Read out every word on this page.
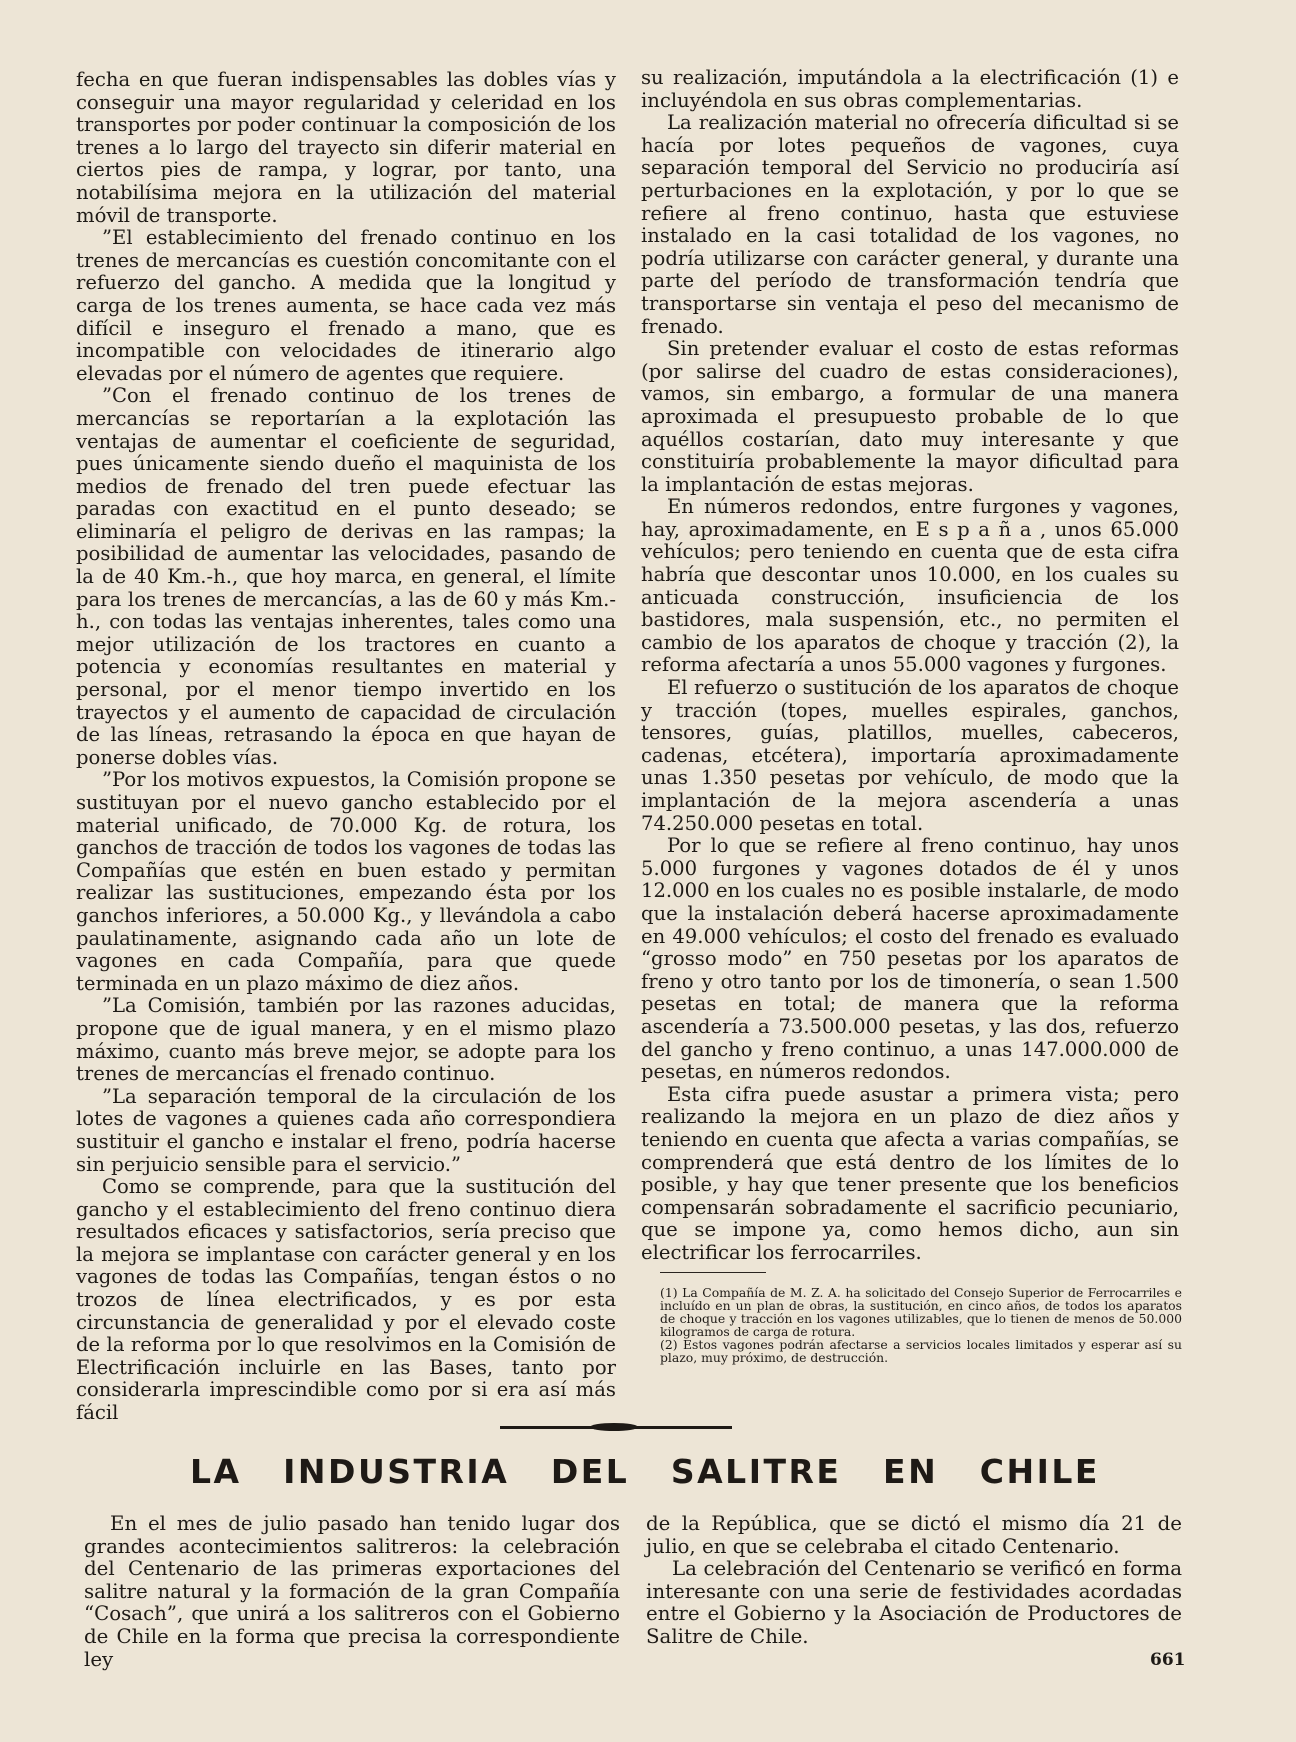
fecha en que fueran indispensables las dobles vías y conseguir una mayor regularidad y celeridad en los transportes por poder continuar la composición de los trenes a lo largo del trayecto sin diferir material en ciertos pies de rampa, y lograr, por tanto, una notabilísima mejora en la utilización del material móvil de transporte.

”El establecimiento del frenado continuo en los trenes de mercancías es cuestión concomitante con el refuerzo del gancho. A medida que la longitud y carga de los trenes aumenta, se hace cada vez más difícil e inseguro el frenado a mano, que es incompatible con velocidades de itinerario algo elevadas por el número de agentes que requiere.

”Con el frenado continuo de los trenes de mercancías se reportarían a la explotación las ventajas de aumentar el coeficiente de seguridad, pues únicamente siendo dueño el maquinista de los medios de frenado del tren puede efectuar las paradas con exactitud en el punto deseado; se eliminaría el peligro de derivas en las rampas; la posibilidad de aumentar las velocidades, pasando de la de 40 Km.-h., que hoy marca, en general, el límite para los trenes de mercancías, a las de 60 y más Km.-h., con todas las ventajas inherentes, tales como una mejor utilización de los tractores en cuanto a potencia y economías resultantes en material y personal, por el menor tiempo invertido en los trayectos y el aumento de capacidad de circulación de las líneas, retrasando la época en que hayan de ponerse dobles vías.

”Por los motivos expuestos, la Comisión propone se sustituyan por el nuevo gancho establecido por el material unificado, de 70.000 Kg. de rotura, los ganchos de tracción de todos los vagones de todas las Compañías que estén en buen estado y permitan realizar las sustituciones, empezando ésta por los ganchos inferiores, a 50.000 Kg., y llevándola a cabo paulatinamente, asignando cada año un lote de vagones en cada Compañía, para que quede terminada en un plazo máximo de diez años.

”La Comisión, también por las razones aducidas, propone que de igual manera, y en el mismo plazo máximo, cuanto más breve mejor, se adopte para los trenes de mercancías el frenado continuo.

”La separación temporal de la circulación de los lotes de vagones a quienes cada año correspondiera sustituir el gancho e instalar el freno, podría hacerse sin perjuicio sensible para el servicio.”

Como se comprende, para que la sustitución del gancho y el establecimiento del freno continuo diera resultados eficaces y satisfactorios, sería preciso que la mejora se implantase con carácter general y en los vagones de todas las Compañías, tengan éstos o no trozos de línea electrificados, y es por esta circunstancia de generalidad y por el elevado coste de la reforma por lo que resolvimos en la Comisión de Electrificación incluirle en las Bases, tanto por considerarla imprescindible como por si era así más fácil

su realización, imputándola a la electrificación (1) e incluyéndola en sus obras complementarias.

La realización material no ofrecería dificultad si se hacía por lotes pequeños de vagones, cuya separación temporal del Servicio no produciría así perturbaciones en la explotación, y por lo que se refiere al freno continuo, hasta que estuviese instalado en la casi totalidad de los vagones, no podría utilizarse con carácter general, y durante una parte del período de transformación tendría que transportarse sin ventaja el peso del mecanismo de frenado.

Sin pretender evaluar el costo de estas reformas (por salirse del cuadro de estas consideraciones), vamos, sin embargo, a formular de una manera aproximada el presupuesto probable de lo que aquéllos costarían, dato muy interesante y que constituiría probablemente la mayor dificultad para la implantación de estas mejoras.

En números redondos, entre furgones y vagones, hay, aproximadamente, en E s p a ñ a , unos 65.000 vehículos; pero teniendo en cuenta que de esta cifra habría que descontar unos 10.000, en los cuales su anticuada construcción, insuficiencia de los bastidores, mala suspensión, etc., no permiten el cambio de los aparatos de choque y tracción (2), la reforma afectaría a unos 55.000 vagones y furgones.

El refuerzo o sustitución de los aparatos de choque y tracción (topes, muelles espirales, ganchos, tensores, guías, platillos, muelles, cabeceros, cadenas, etcétera), importaría aproximadamente unas 1.350 pesetas por vehículo, de modo que la implantación de la mejora ascendería a unas 74.250.000 pesetas en total.

Por lo que se refiere al freno continuo, hay unos 5.000 furgones y vagones dotados de él y unos 12.000 en los cuales no es posible instalarle, de modo que la instalación deberá hacerse aproximadamente en 49.000 vehículos; el costo del frenado es evaluado “grosso modo” en 750 pesetas por los aparatos de freno y otro tanto por los de timonería, o sean 1.500 pesetas en total; de manera que la reforma ascendería a 73.500.000 pesetas, y las dos, refuerzo del gancho y freno continuo, a unas 147.000.000 de pesetas, en números redondos.

Esta cifra puede asustar a primera vista; pero realizando la mejora en un plazo de diez años y teniendo en cuenta que afecta a varias compañías, se comprenderá que está dentro de los límites de lo posible, y hay que tener presente que los beneficios compensarán sobradamente el sacrificio pecuniario, que se impone ya, como hemos dicho, aun sin electrificar los ferrocarriles.

(1) La Compañía de M. Z. A. ha solicitado del Consejo Superior de Ferrocarriles e incluído en un plan de obras, la sustitución, en cinco años, de todos los aparatos de choque y tracción en los vagones utilizables, que lo tienen de menos de 50.000 kilogramos de carga de rotura.

(2) Estos vagones podrán afectarse a servicios locales limitados y esperar así su plazo, muy próximo, de destrucción.

LA INDUSTRIA DEL SALITRE EN CHILE

En el mes de julio pasado han tenido lugar dos grandes acontecimientos salitreros: la celebración del Centenario de las primeras exportaciones del salitre natural y la formación de la gran Compañía “Cosach”, que unirá a los salitreros con el Gobierno de Chile en la forma que precisa la correspondiente ley

de la República, que se dictó el mismo día 21 de julio, en que se celebraba el citado Centenario.

La celebración del Centenario se verificó en forma interesante con una serie de festividades acordadas entre el Gobierno y la Asociación de Productores de Salitre de Chile.

661
